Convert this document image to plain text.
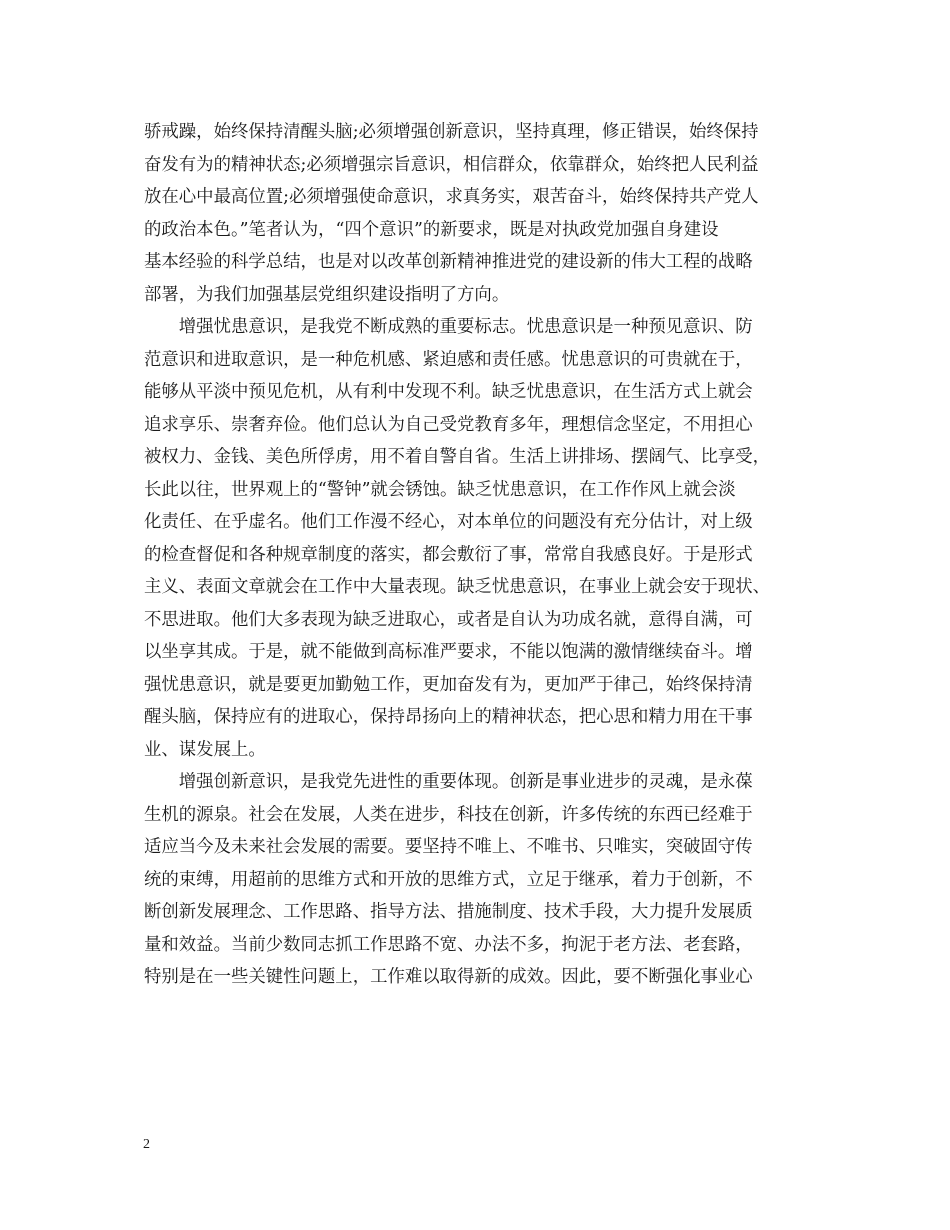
骄戒躁，始终保持清醒头脑;必须增强创新意识，坚持真理，修正错误，始终保持
奋发有为的精神状态;必须增强宗旨意识，相信群众，依靠群众，始终把人民利益
放在心中最高位置;必须增强使命意识，求真务实，艰苦奋斗，始终保持共产党人
的政治本色。”笔者认为，“四个意识”的新要求，既是对执政党加强自身建设
基本经验的科学总结，也是对以改革创新精神推进党的建设新的伟大工程的战略
部署，为我们加强基层党组织建设指明了方向。
　　增强忧患意识，是我党不断成熟的重要标志。忧患意识是一种预见意识、防
范意识和进取意识，是一种危机感、紧迫感和责任感。忧患意识的可贵就在于，
能够从平淡中预见危机，从有利中发现不利。缺乏忧患意识，在生活方式上就会
追求享乐、崇奢弃俭。他们总认为自己受党教育多年，理想信念坚定，不用担心
被权力、金钱、美色所俘虏，用不着自警自省。生活上讲排场、摆阔气、比享受，
长此以往，世界观上的“警钟”就会锈蚀。缺乏忧患意识，在工作作风上就会淡
化责任、在乎虚名。他们工作漫不经心，对本单位的问题没有充分估计，对上级
的检查督促和各种规章制度的落实，都会敷衍了事，常常自我感良好。于是形式
主义、表面文章就会在工作中大量表现。缺乏忧患意识，在事业上就会安于现状、
不思进取。他们大多表现为缺乏进取心，或者是自认为功成名就，意得自满，可
以坐享其成。于是，就不能做到高标准严要求，不能以饱满的激情继续奋斗。增
强忧患意识，就是要更加勤勉工作，更加奋发有为，更加严于律己，始终保持清
醒头脑，保持应有的进取心，保持昂扬向上的精神状态，把心思和精力用在干事
业、谋发展上。
　　增强创新意识，是我党先进性的重要体现。创新是事业进步的灵魂，是永葆
生机的源泉。社会在发展，人类在进步，科技在创新，许多传统的东西已经难于
适应当今及未来社会发展的需要。要坚持不唯上、不唯书、只唯实，突破固守传
统的束缚，用超前的思维方式和开放的思维方式，立足于继承，着力于创新，不
断创新发展理念、工作思路、指导方法、措施制度、技术手段，大力提升发展质
量和效益。当前少数同志抓工作思路不宽、办法不多，拘泥于老方法、老套路，
特别是在一些关键性问题上，工作难以取得新的成效。因此，要不断强化事业心
2
